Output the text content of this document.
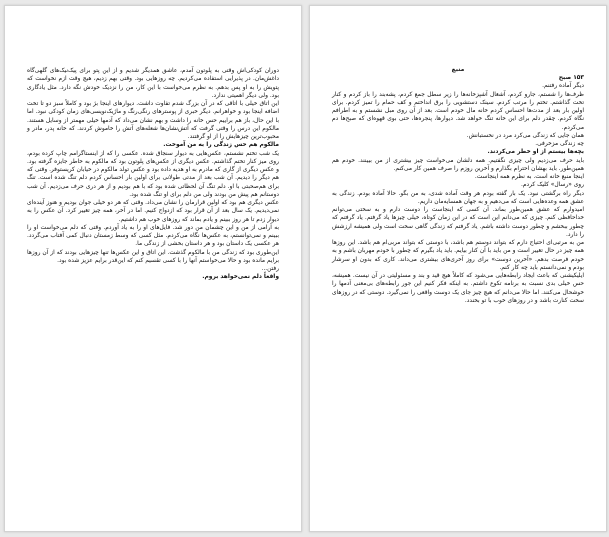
دوران کودکی‌اش وقتی به پلوتون آمدم، عاشق همدیگر شدیم و از این پتو برای پیک‌نیک‌های گلهی‌گاه داغش‌مان. در پذیرایی استفاده می‌کردیم. چه روزهایی بود. وقتی بهم زدیم، هیچ وقت ازم نخواست که پتویش را به او پس بدهم. به نظرم می‌خواست با این کار، من را نزدیک خودش نگه دارد. مثل یادگاری بود. ولی دیگر اهمیتی ندارد.

این اتاق خیلی با اتاقی که در آن بزرگ شدم تفاوت داشت. دیوارهای اینجا بژ بود و کاملاً سبز دو تا تخت اضافه اینجا بود و خواهرانم. دیگر خبری از پوسترهای رنگی‌رنگ و ماژیک‌نویسی‌های زمان کودکی نبود. اما با این حال، باز هم براییم حس خانه را داشت و بهم نشان می‌داد که آدمها خیلی مهمتر از وسایل هستند. مالکوم این درس را وقتی گرفت که آتش‌نشان‌ها شعله‌های آتش را خاموش کردند. که خانه پدر، مادر و محبوب‌ترین چیزهایش را از او گرفتند.

مالکوم هم حس زندگی را به من آموخت.

یک شب تختم نشستم، عکس‌هایی به دیوار سنجاق شده. عکسی را که از اینستاگرامم چاپ کرده بودم، روی میز کنار تختم گذاشتم. عکس دیگری از عکس‌های پلوتون بود که مالکوم به خاطر جایزه گرفته بود. و عکس دیگری از گاری که مادرم به او هدیه داده بود و عکس تولد مالکوم در خیابان کریستوفر. وقتی که هم دیگر را دیدیم. آن شب بعد از مدتی طولانی برای اولین بار احساس کردم دلم تنگ شده است. تنگ برای هم‌صحبتی با او. دلم تنگ آن لحظاتی شده بود که با هم بودیم و از هر دری حرف می‌زدیم. آن شب دوستانم هم پیش من بودند ولی من دلم برای او تنگ شده بود.

عکس دیگری هم بود که اولین قرارمان را نشان می‌داد. وقتی که هر دو خیلی جوان بودیم و هنوز آینده‌ای نمی‌دیدیم. یک سال بعد از آن قرار بود که ازدواج کنیم. اما در آخر، همه چیز تغییر کرد. آن عکس را به دیوار زدم تا هر روز ببینم و یادم بماند که روزهای خوب هم داشتیم.

به آرامی از من و این چشمان من دور شد. فایل‌های او را به یاد آوردم. وقتی که دلم می‌خواست او را ببینم و نمی‌توانستم، به عکس‌ها نگاه می‌کردم. مثل کسی که وسط زمستان دنبال کمی آفتاب می‌گردد. هر عکسی یک داستان بود و هر داستان بخشی از زندگی ما.

این‌طوری بود که زندگی من با مالکوم گذشت. این اتاق و این عکس‌ها تنها چیزهایی بودند که از آن روزها برایم مانده بود و حالا می‌خواستم آنها را با کسی تقسیم کنم که این‌قدر برایم عزیز شده بود.

رفتن...

واقعاً دلم نمی‌خواهد بروم.

منبع

۱۵۳ صبح

دیگر آماده رفتنم.

ظرف‌ها را شستم، جارو کردم، آشغال آشپزخانه‌ها را زیر سطل جمع کردم، پشه‌بند را باز کردم و کنار تخت گذاشتم. تختم را مرتب کردم. سینک دستشویی را برق انداختم و کف حمام را تمیز کردم. برای اولین بار بعد از مدت‌ها احساس کردم خانه مال خودم است. بعد از آن روی مبل نشستم و به اطرافم نگاه کردم. چقدر دلم برای این خانه تنگ خواهد شد. دیوارها، پنجره‌ها، حتی بوی قهوه‌ای که صبح‌ها دم می‌کردم.

همان جایی که زندگی می‌کرد مرد در نخستبانش.

چه زندگی مزخرفی.

بچه‌ها بیستم از او خطر می‌کردند.

باید حرف می‌زدیم ولی چیزی نگفتیم. همه دلشان می‌خواست چیز بیشتری از من بیینند. خودم هم همین‌طور. باید بهشان احترام بگذارم و آخرین روزم را صرف همین کار می‌کنم.

اینجا منبع خانه است. به نظرم همه اینجاست.

روی «رسال» کلیک کردم.

دیگر راه برگشتی نبود. یک بار گفته بودم هر وقت آماده شدی، به من بگو. حالا آماده بودم. زندگی به عشق همه وعده‌هایی است که می‌دهیم و به جهان همسایه‌مان داریم.

امیدوارم که عشق همین‌طور بماند. آن کسی که اینجاست را دوست دارم و به سختی می‌توانم خداحافظی کنم. چیزی که می‌دانم این است که در این زمان کوتاه، خیلی چیزها یاد گرفتم. یاد گرفتم که چطور ببخشم و چطور دوست داشته باشم. یاد گرفتم که زندگی گاهی سخت است ولی همیشه ارزشش را دارد.

من به مرتبی‌ای احتیاج دارم که بتواند دوستم هم باشد، با دوستی که بتواند مربی‌ام هم باشد. این روزها همه چیز در حال تغییر است و من باید با آن کنار بیایم. باید یاد بگیرم که چطور با خودم مهربان باشم و به خودم فرصت بدهم. «آخرین دوست» برای روز آخری‌های بیشتری می‌داند. کاری که بدون او سرشار بودم و نمی‌دانستم باید چه کار کنم.

ایلیکیشنی که باعث ایجاد رابطه‌هایی می‌شود که کاملاً هیچ قید و بند و مسئولیتی در آن نیست. همیشه، حس خیلی بدی نسبت به برنامه تکوع داشتم. به اینکه فکر کنیم این جور رابطه‌های بی‌معنی آدمها را خوشحال می‌کنند. اما حالا می‌دانم که هیچ چیز جای یک دوست واقعی را نمی‌گیرد. دوستی که در روزهای سخت کنارت باشد و در روزهای خوب با تو بخندد.
